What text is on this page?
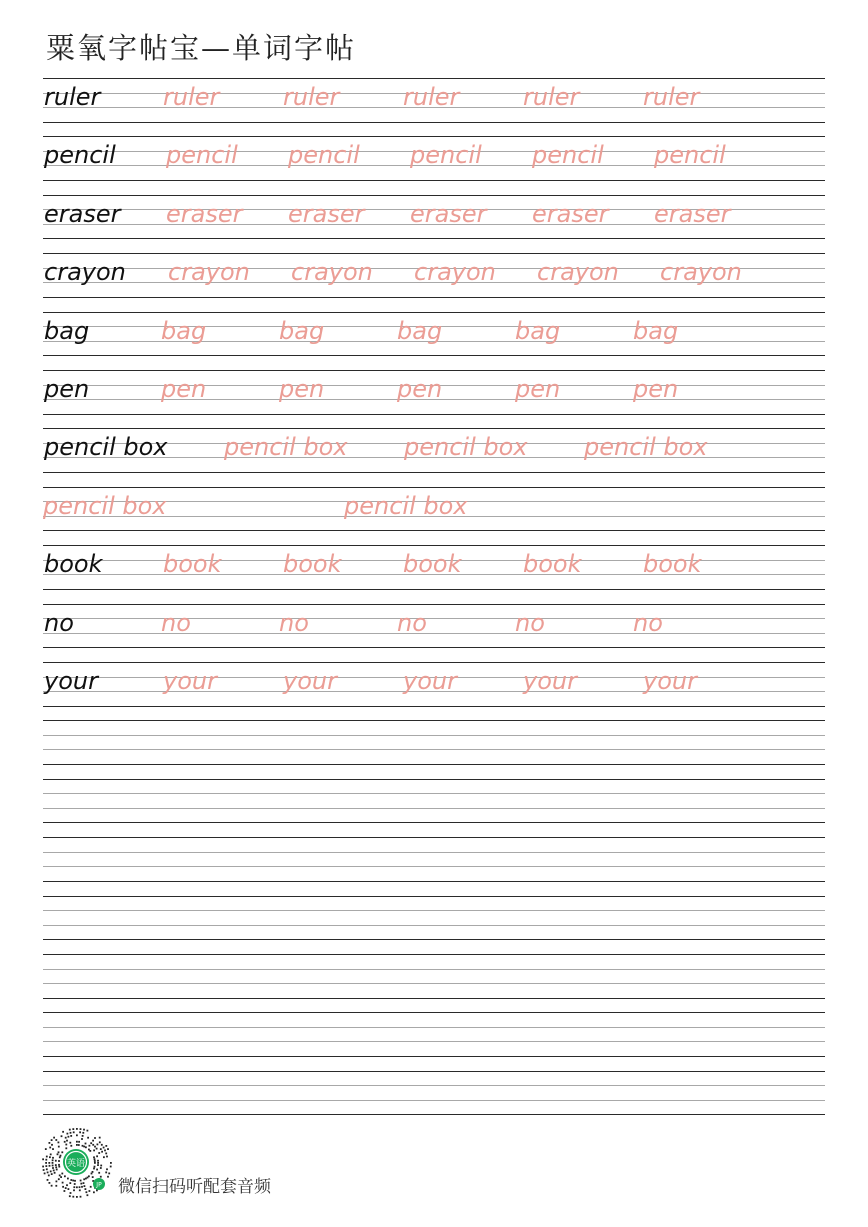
粟氧字帖宝—单词字帖
ruler	ruler	ruler	ruler	ruler	ruler
pencil pencil pencil pencil pencil pencil
eraser eraser eraser eraser eraser eraser
crayon crayon crayon crayon crayon crayon
bag	bag	bag	bag	bag	bag
pen	pen	pen	pen	pen	pen
pencil box pencil box pencil box pencil box
pencil box	pencil box
book	book	book	book	book	book
no	no	no	no	no	no
your	your	your	your	your	your
英语
JP 微信扫码听配套音频
